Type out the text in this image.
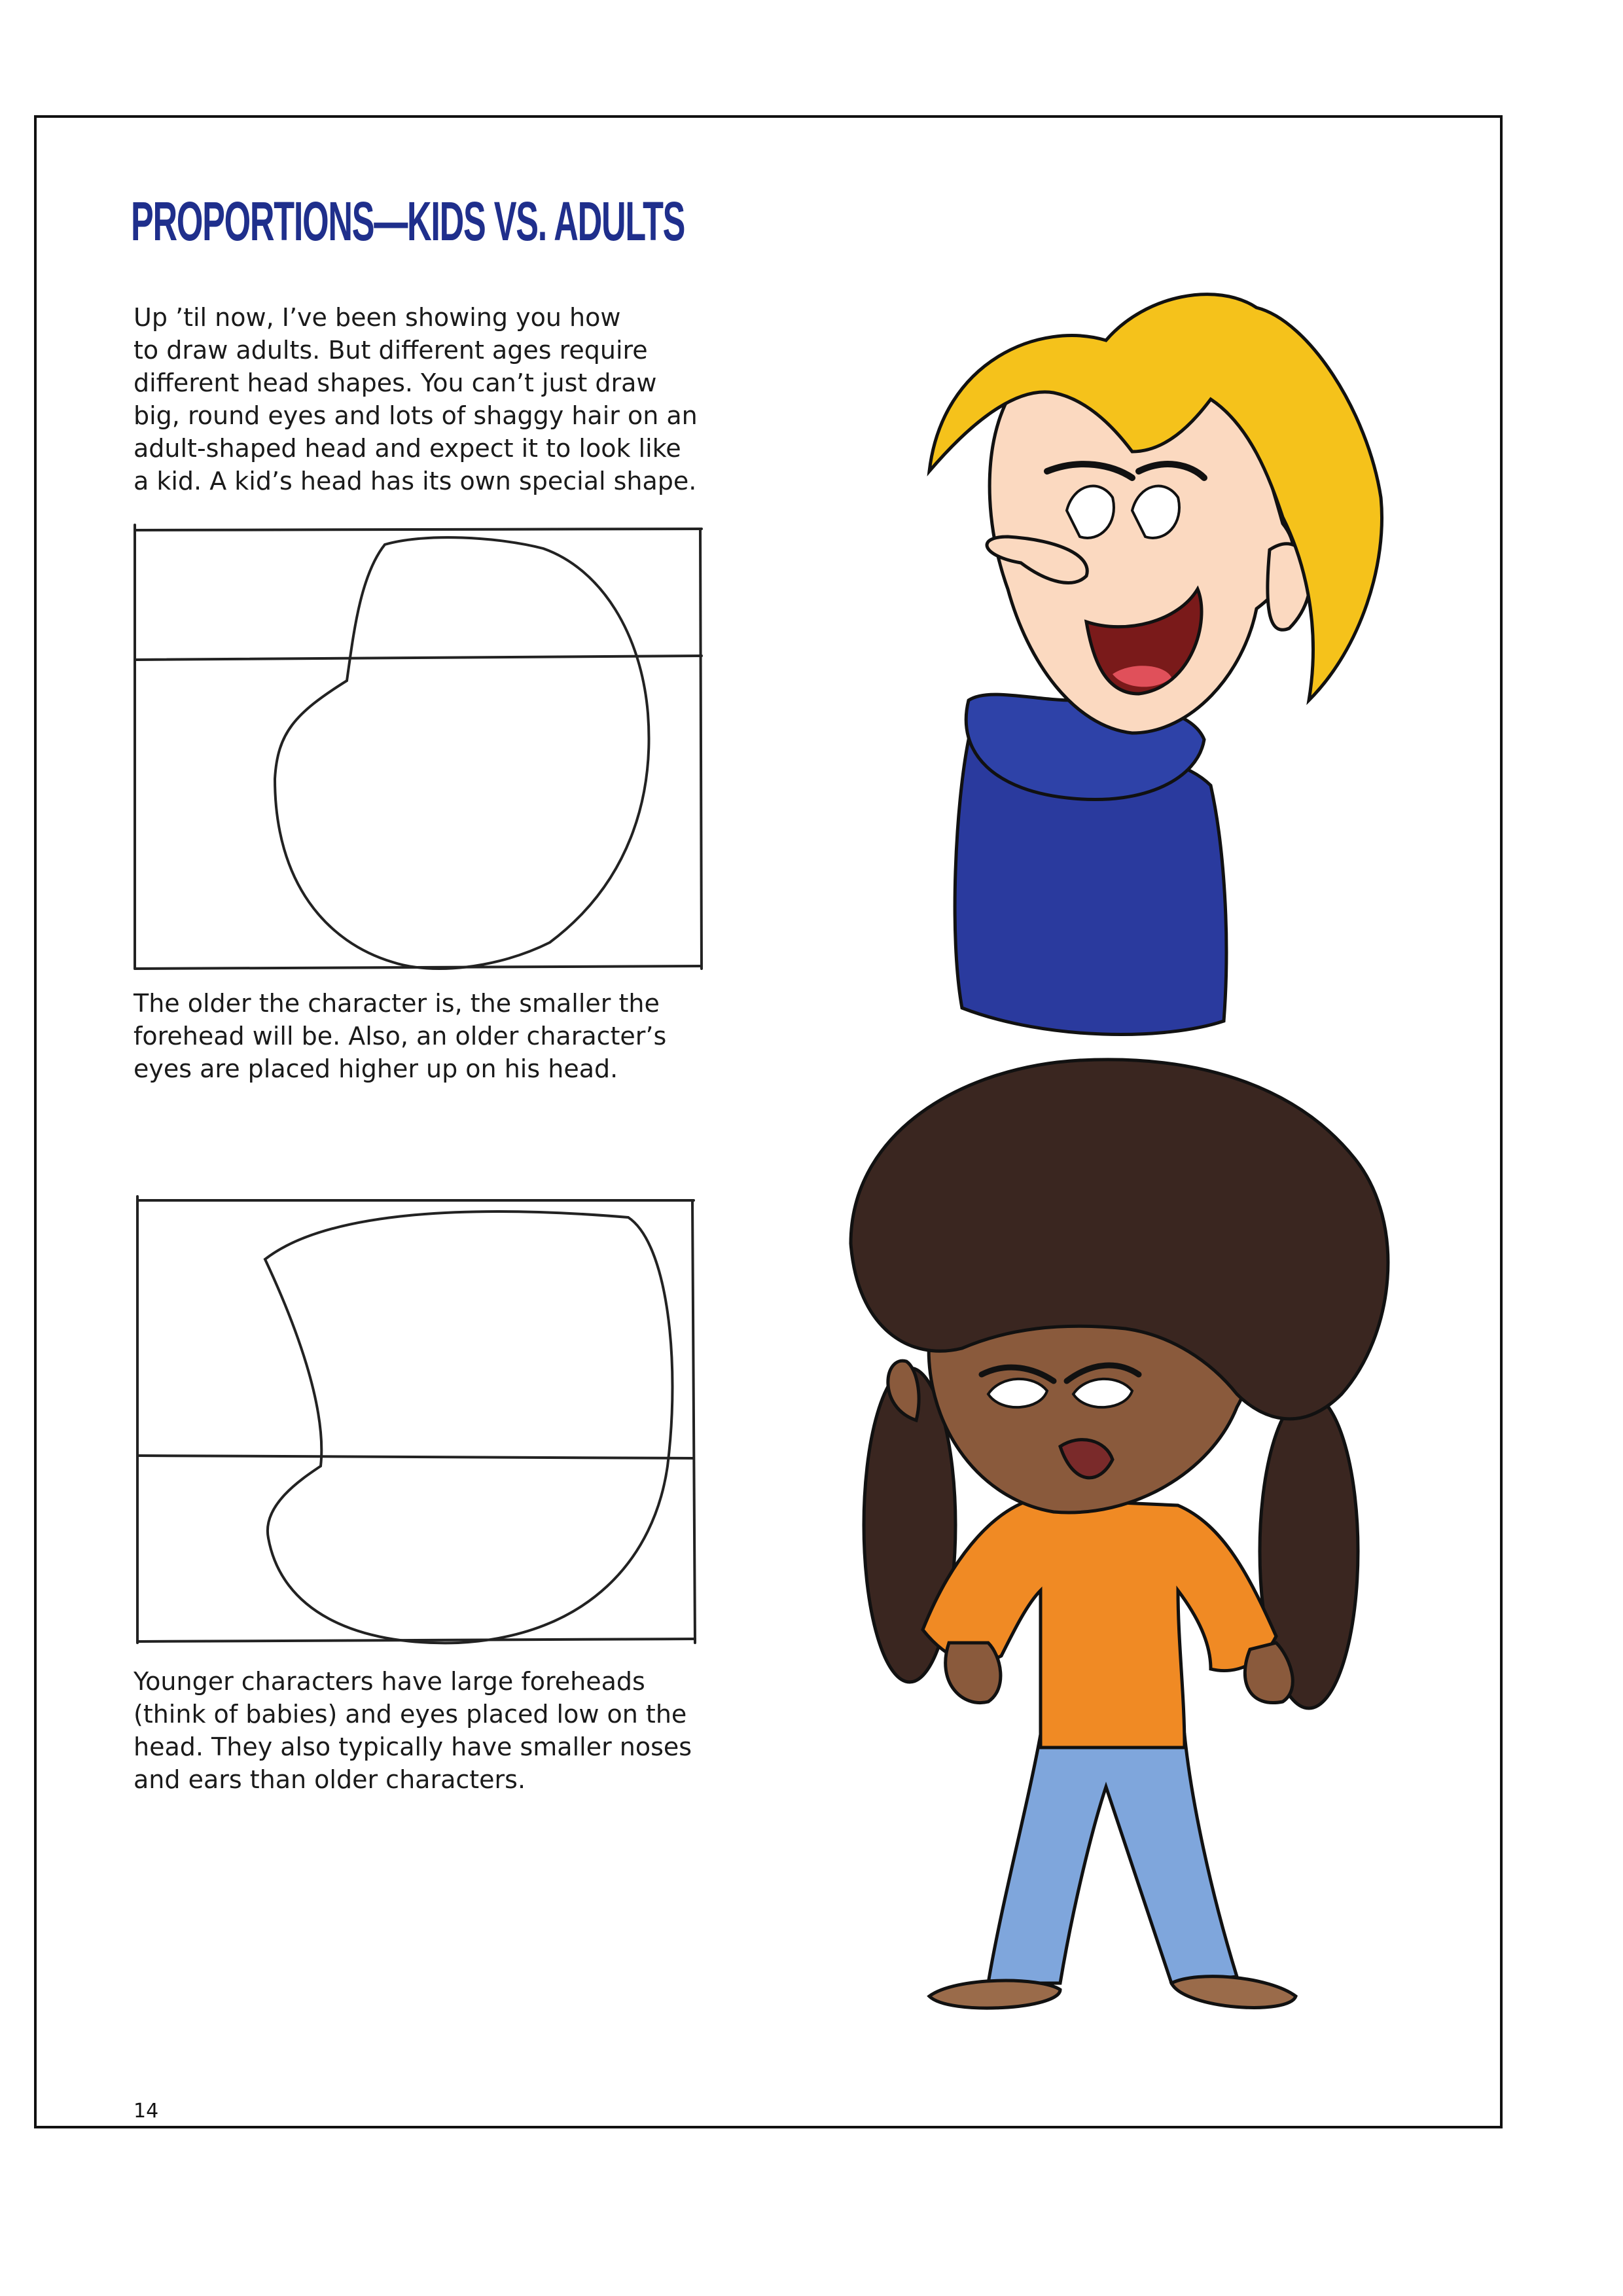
PROPORTIONS—KIDS VS. ADULTS
Up ’til now, I’ve been showing you how
to draw adults. But different ages require
different head shapes. You can’t just draw
big, round eyes and lots of shaggy hair on an
adult-shaped head and expect it to look like
a kid. A kid’s head has its own special shape.
The older the character is, the smaller the
forehead will be. Also, an older character’s
eyes are placed higher up on his head.
Younger characters have large foreheads
(think of babies) and eyes placed low on the
head. They also typically have smaller noses
and ears than older characters.
14
